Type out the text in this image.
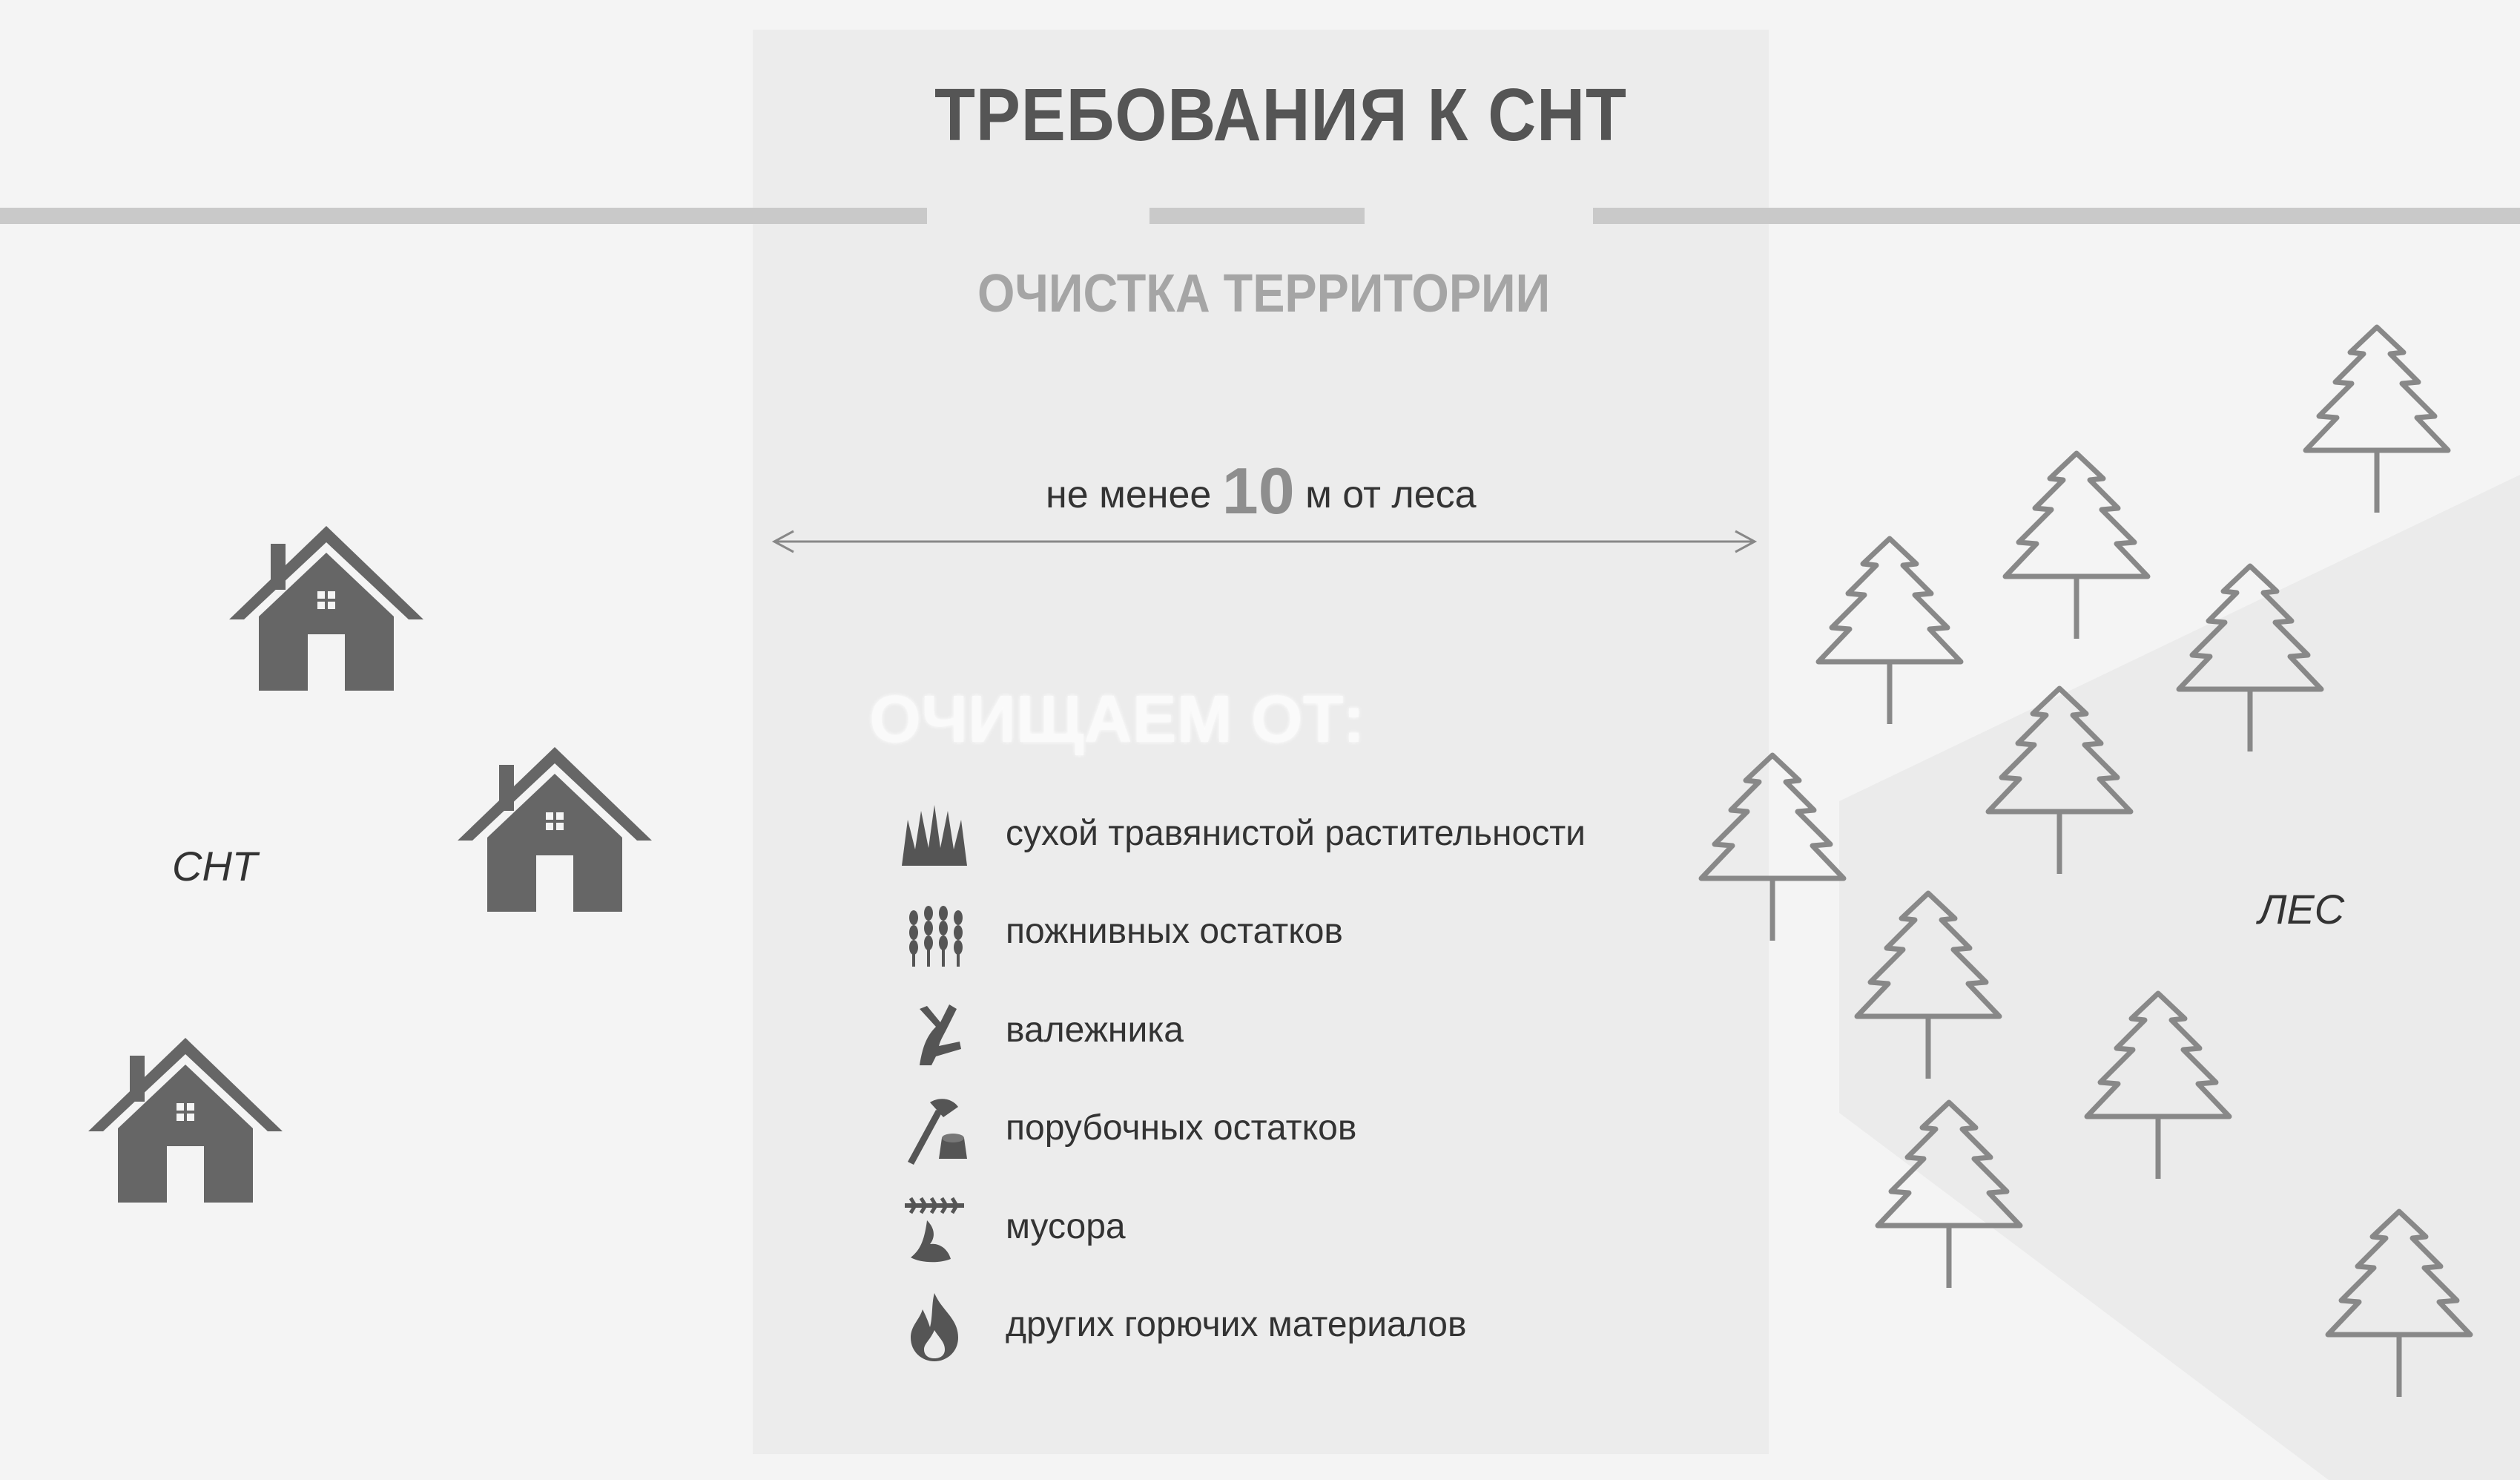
ТРЕБОВАНИЯ К СНТ
ОЧИСТКА ТЕРРИТОРИИ
не менее 10 м от леса
ОЧИЩАЕМ ОТ:
сухой травянистой растительности
пожнивных остатков
валежника
порубочных остатков
мусора
других горючих материалов
СНТ
ЛЕС
